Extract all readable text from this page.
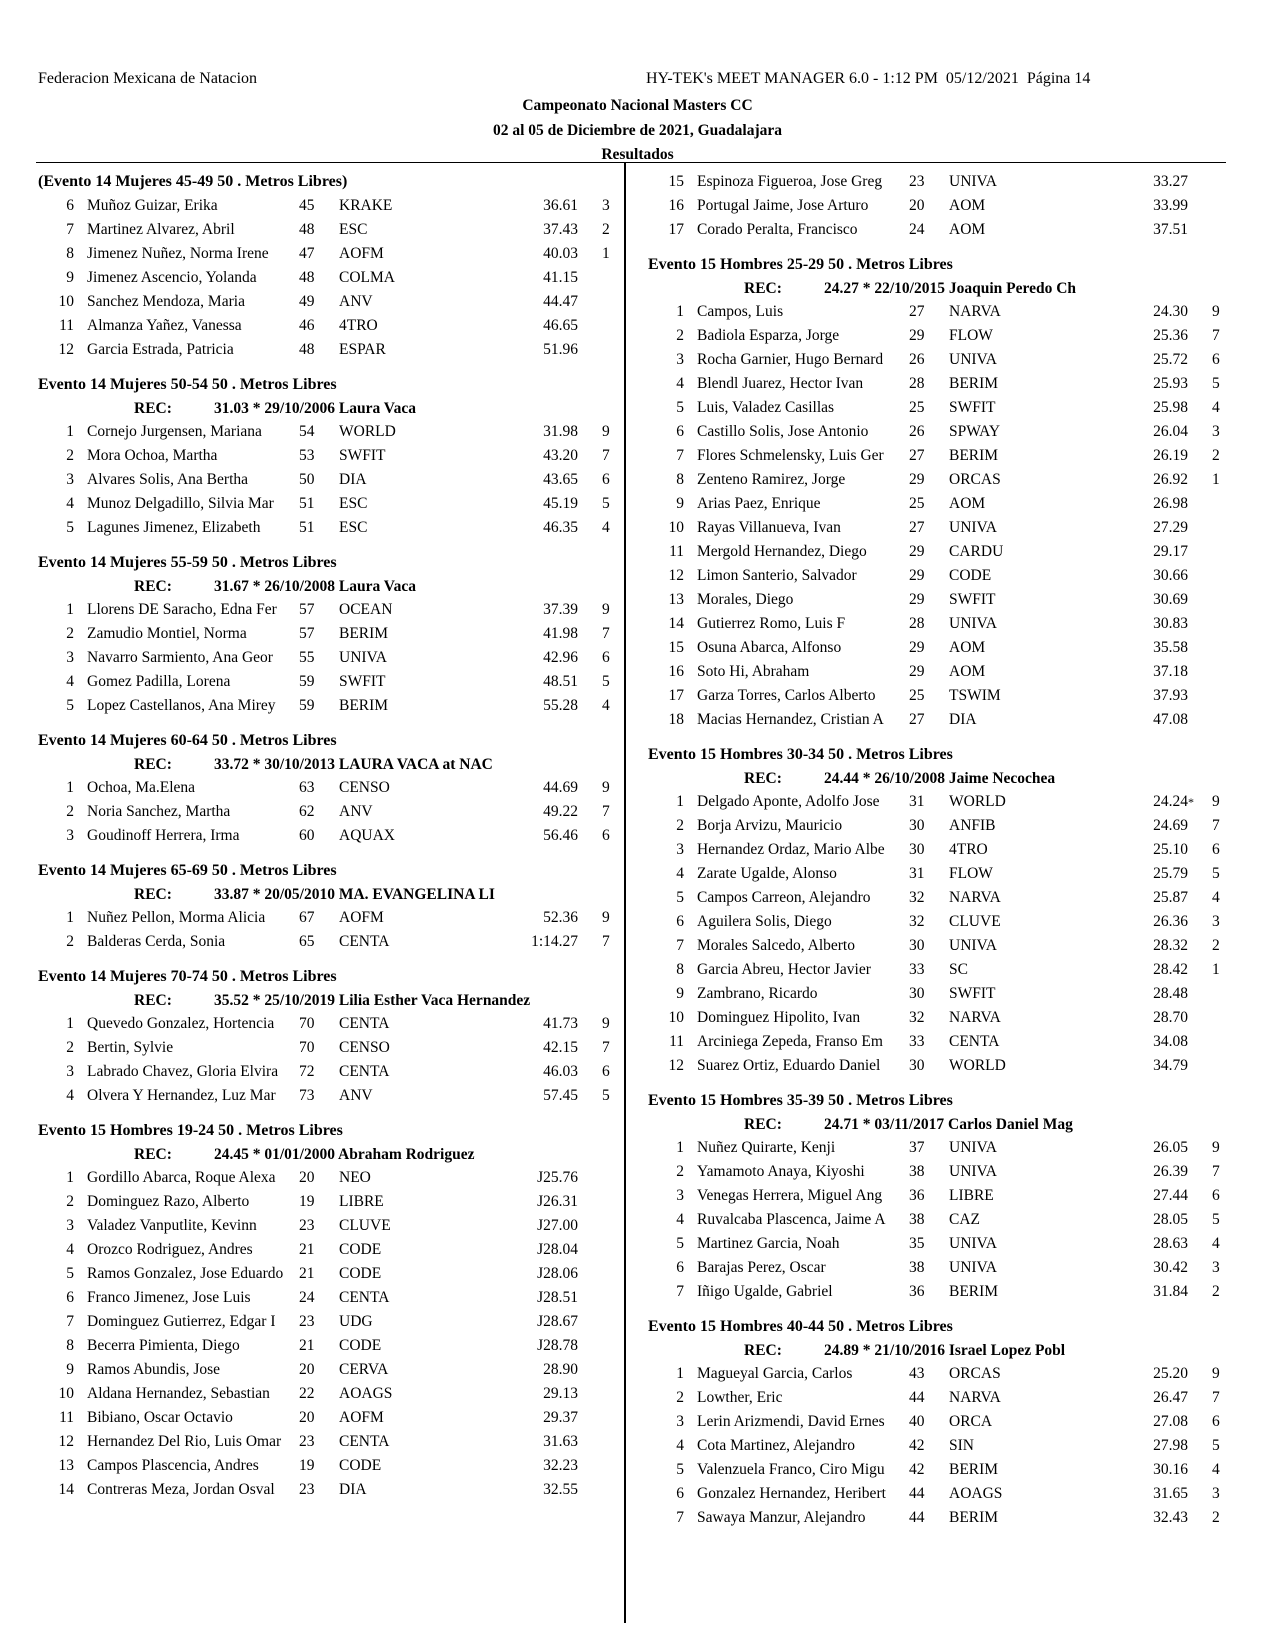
Federacion Mexicana de Natacion	HY-TEK's MEET MANAGER 6.0 - 1:12 PM  05/12/2021  Página 14
Campeonato Nacional Masters CC
02 al 05 de Diciembre de 2021, Guadalajara
Resultados
(Evento 14 Mujeres 45-49 50 . Metros Libres)
6 Muñoz Guizar, Erika	45	KRAKE	36.61 3
7 Martinez Alvarez, Abril	48	ESC	37.43 2
8 Jimenez Nuñez, Norma Irene	47	AOFM	40.03 1
9 Jimenez Ascencio, Yolanda	48	COLMA	41.15
10 Sanchez Mendoza, Maria	49	ANV	44.47
11 Almanza Yañez, Vanessa	46	4TRO	46.65
12 Garcia Estrada, Patricia	48	ESPAR	51.96
Evento 14 Mujeres 50-54 50 . Metros Libres
REC:	31.03 * 29/10/2006 Laura Vaca
1 Cornejo Jurgensen, Mariana	54	WORLD	31.98 9
2 Mora Ochoa, Martha	53	SWFIT	43.20 7
3 Alvares Solis, Ana Bertha	50	DIA	43.65 6
4 Munoz Delgadillo, Silvia Mar	51	ESC	45.19 5
5 Lagunes Jimenez, Elizabeth	51	ESC	46.35 4
Evento 14 Mujeres 55-59 50 . Metros Libres
REC:	31.67 * 26/10/2008 Laura Vaca
1 Llorens DE Saracho, Edna Fer	57	OCEAN	37.39 9
2 Zamudio Montiel, Norma	57	BERIM	41.98 7
3 Navarro Sarmiento, Ana Geor	55	UNIVA	42.96 6
4 Gomez Padilla, Lorena	59	SWFIT	48.51 5
5 Lopez Castellanos, Ana Mirey	59	BERIM	55.28 4
Evento 14 Mujeres 60-64 50 . Metros Libres
REC:	33.72 * 30/10/2013 LAURA VACA at NAC
1 Ochoa, Ma.Elena	63	CENSO	44.69 9
2 Noria Sanchez, Martha	62	ANV	49.22 7
3 Goudinoff Herrera, Irma	60	AQUAX	56.46 6
Evento 14 Mujeres 65-69 50 . Metros Libres
REC:	33.87 * 20/05/2010 MA. EVANGELINA LI
1 Nuñez Pellon, Morma Alicia	67	AOFM	52.36 9
2 Balderas Cerda, Sonia	65	CENTA	1:14.27 7
Evento 14 Mujeres 70-74 50 . Metros Libres
REC:	35.52 * 25/10/2019 Lilia Esther Vaca Hernandez
1 Quevedo Gonzalez, Hortencia	70	CENTA	41.73 9
2 Bertin, Sylvie	70	CENSO	42.15 7
3 Labrado Chavez, Gloria Elvira	72	CENTA	46.03 6
4 Olvera Y Hernandez, Luz Mar	73	ANV	57.45 5
Evento 15 Hombres 19-24 50 . Metros Libres
REC:	24.45 * 01/01/2000 Abraham Rodriguez
1 Gordillo Abarca, Roque Alexa	20	NEO	J25.76
2 Dominguez Razo, Alberto	19	LIBRE	J26.31
3 Valadez Vanputlite, Kevinn	23	CLUVE	J27.00
4 Orozco Rodriguez, Andres	21	CODE	J28.04
5 Ramos Gonzalez, Jose Eduardo	21	CODE	J28.06
6 Franco Jimenez, Jose Luis	24	CENTA	J28.51
7 Dominguez Gutierrez, Edgar I	23	UDG	J28.67
8 Becerra Pimienta, Diego	21	CODE	J28.78
9 Ramos Abundis, Jose	20	CERVA	28.90
10 Aldana Hernandez, Sebastian	22	AOAGS	29.13
11 Bibiano, Oscar Octavio	20	AOFM	29.37
12 Hernandez Del Rio, Luis Omar	23	CENTA	31.63
13 Campos Plascencia, Andres	19	CODE	32.23
14 Contreras Meza, Jordan Osval	23	DIA	32.55
15 Espinoza Figueroa, Jose Greg	23	UNIVA	33.27
16 Portugal Jaime, Jose Arturo	20	AOM	33.99
17 Corado Peralta, Francisco	24	AOM	37.51
Evento 15 Hombres 25-29 50 . Metros Libres
REC:	24.27 * 22/10/2015 Joaquin Peredo Ch
1 Campos, Luis	27	NARVA	24.30 9
2 Badiola Esparza, Jorge	29	FLOW	25.36 7
3 Rocha Garnier, Hugo Bernard	26	UNIVA	25.72 6
4 Blendl Juarez, Hector Ivan	28	BERIM	25.93 5
5 Luis, Valadez Casillas	25	SWFIT	25.98 4
6 Castillo Solis, Jose Antonio	26	SPWAY	26.04 3
7 Flores Schmelensky, Luis Ger	27	BERIM	26.19 2
8 Zenteno Ramirez, Jorge	29	ORCAS	26.92 1
9 Arias Paez, Enrique	25	AOM	26.98
10 Rayas Villanueva, Ivan	27	UNIVA	27.29
11 Mergold Hernandez, Diego	29	CARDU	29.17
12 Limon Santerio, Salvador	29	CODE	30.66
13 Morales, Diego	29	SWFIT	30.69
14 Gutierrez Romo, Luis F	28	UNIVA	30.83
15 Osuna Abarca, Alfonso	29	AOM	35.58
16 Soto Hi, Abraham	29	AOM	37.18
17 Garza Torres, Carlos Alberto	25	TSWIM	37.93
18 Macias Hernandez, Cristian A	27	DIA	47.08
Evento 15 Hombres 30-34 50 . Metros Libres
REC:	24.44 * 26/10/2008 Jaime Necochea
1 Delgado Aponte, Adolfo Jose	31	WORLD	24.24 *	9
2 Borja Arvizu, Mauricio	30	ANFIB	24.69 7
3 Hernandez Ordaz, Mario Albe	30	4TRO	25.10 6
4 Zarate Ugalde, Alonso	31	FLOW	25.79 5
5 Campos Carreon, Alejandro	32	NARVA	25.87 4
6 Aguilera Solis, Diego	32	CLUVE	26.36 3
7 Morales Salcedo, Alberto	30	UNIVA	28.32 2
8 Garcia Abreu, Hector Javier	33	SC	28.42 1
9 Zambrano, Ricardo	30	SWFIT	28.48
10 Dominguez Hipolito, Ivan	32	NARVA	28.70
11 Arciniega Zepeda, Franso Em	33	CENTA	34.08
12 Suarez Ortiz, Eduardo Daniel	30	WORLD	34.79
Evento 15 Hombres 35-39 50 . Metros Libres
REC:	24.71 * 03/11/2017 Carlos Daniel Mag
1 Nuñez Quirarte, Kenji	37	UNIVA	26.05 9
2 Yamamoto Anaya, Kiyoshi	38	UNIVA	26.39 7
3 Venegas Herrera, Miguel Ang	36	LIBRE	27.44 6
4 Ruvalcaba Plascenca, Jaime A	38	CAZ	28.05 5
5 Martinez Garcia, Noah	35	UNIVA	28.63 4
6 Barajas Perez, Oscar	38	UNIVA	30.42 3
7 Iñigo Ugalde, Gabriel	36	BERIM	31.84 2
Evento 15 Hombres 40-44 50 . Metros Libres
REC:	24.89 * 21/10/2016 Israel Lopez Pobl
1 Magueyal Garcia, Carlos	43	ORCAS	25.20 9
2 Lowther, Eric	44	NARVA	26.47 7
3 Lerin Arizmendi, David Ernes	40	ORCA	27.08 6
4 Cota Martinez, Alejandro	42	SIN	27.98 5
5 Valenzuela Franco, Ciro Migu	42	BERIM	30.16 4
6 Gonzalez Hernandez, Heribert	44	AOAGS	31.65 3
7 Sawaya Manzur, Alejandro	44	BERIM	32.43 2
